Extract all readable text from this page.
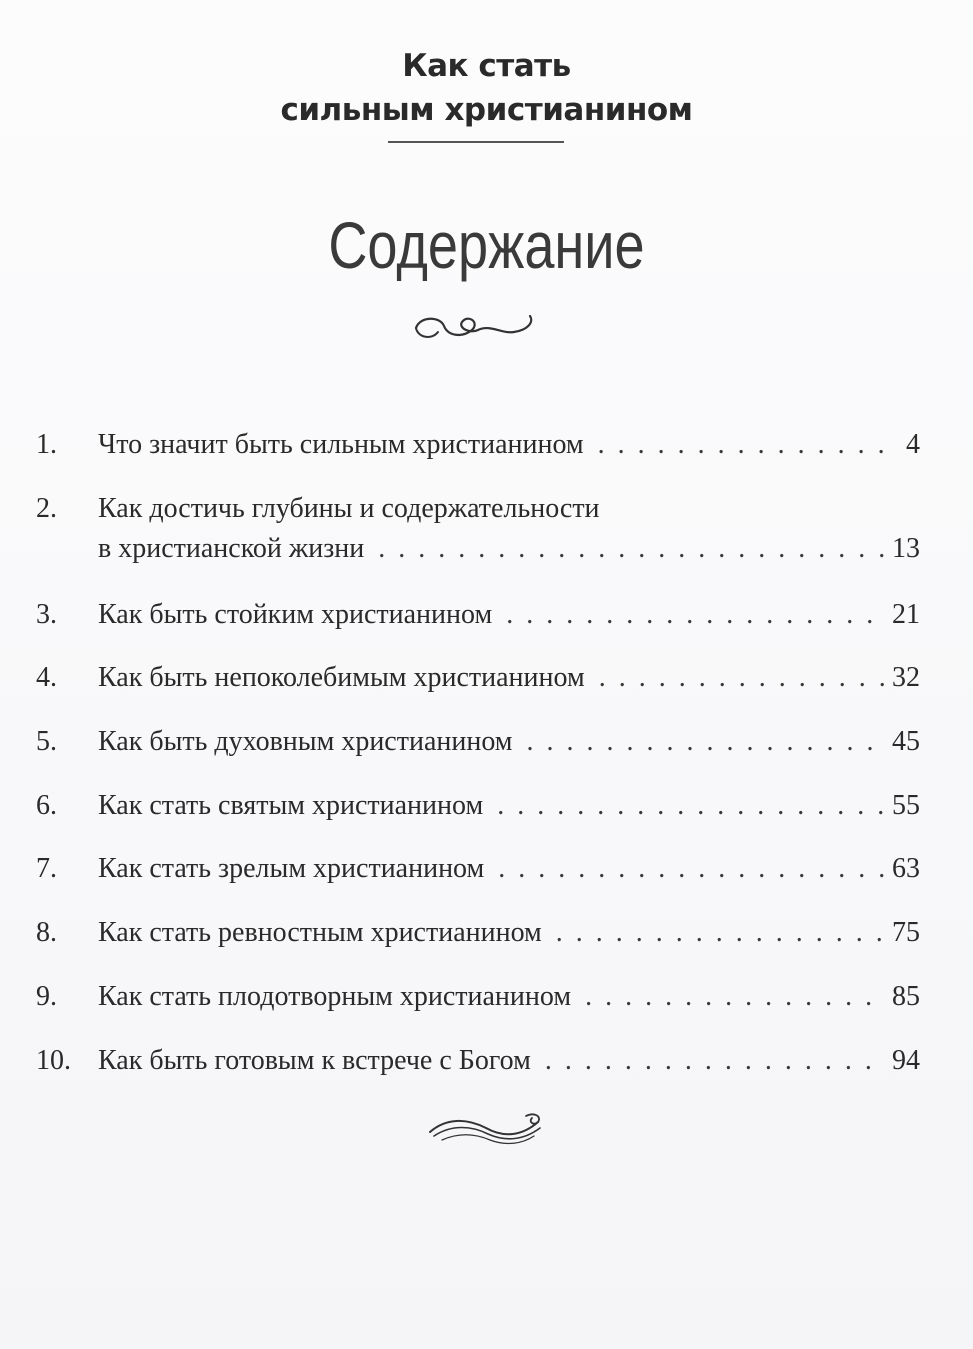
Как стать
сильным христианином
Содержание
1.	Что значит быть сильным христианином . . .	4
2.	Как достичь глубины и содержательности
в христианской жизни . . .	13
3.	Как быть стойким христианином . . .	21
4.	Как быть непоколебимым христианином . . .	32
5.	Как быть духовным христианином . . .	45
6.	Как стать святым христианином . . .	55
7.	Как стать зрелым христианином . . .	63
8.	Как стать ревностным христианином . . .	75
9.	Как стать плодотворным христианином . . .	85
10. Как быть готовым к встрече с Богом . . .	94
